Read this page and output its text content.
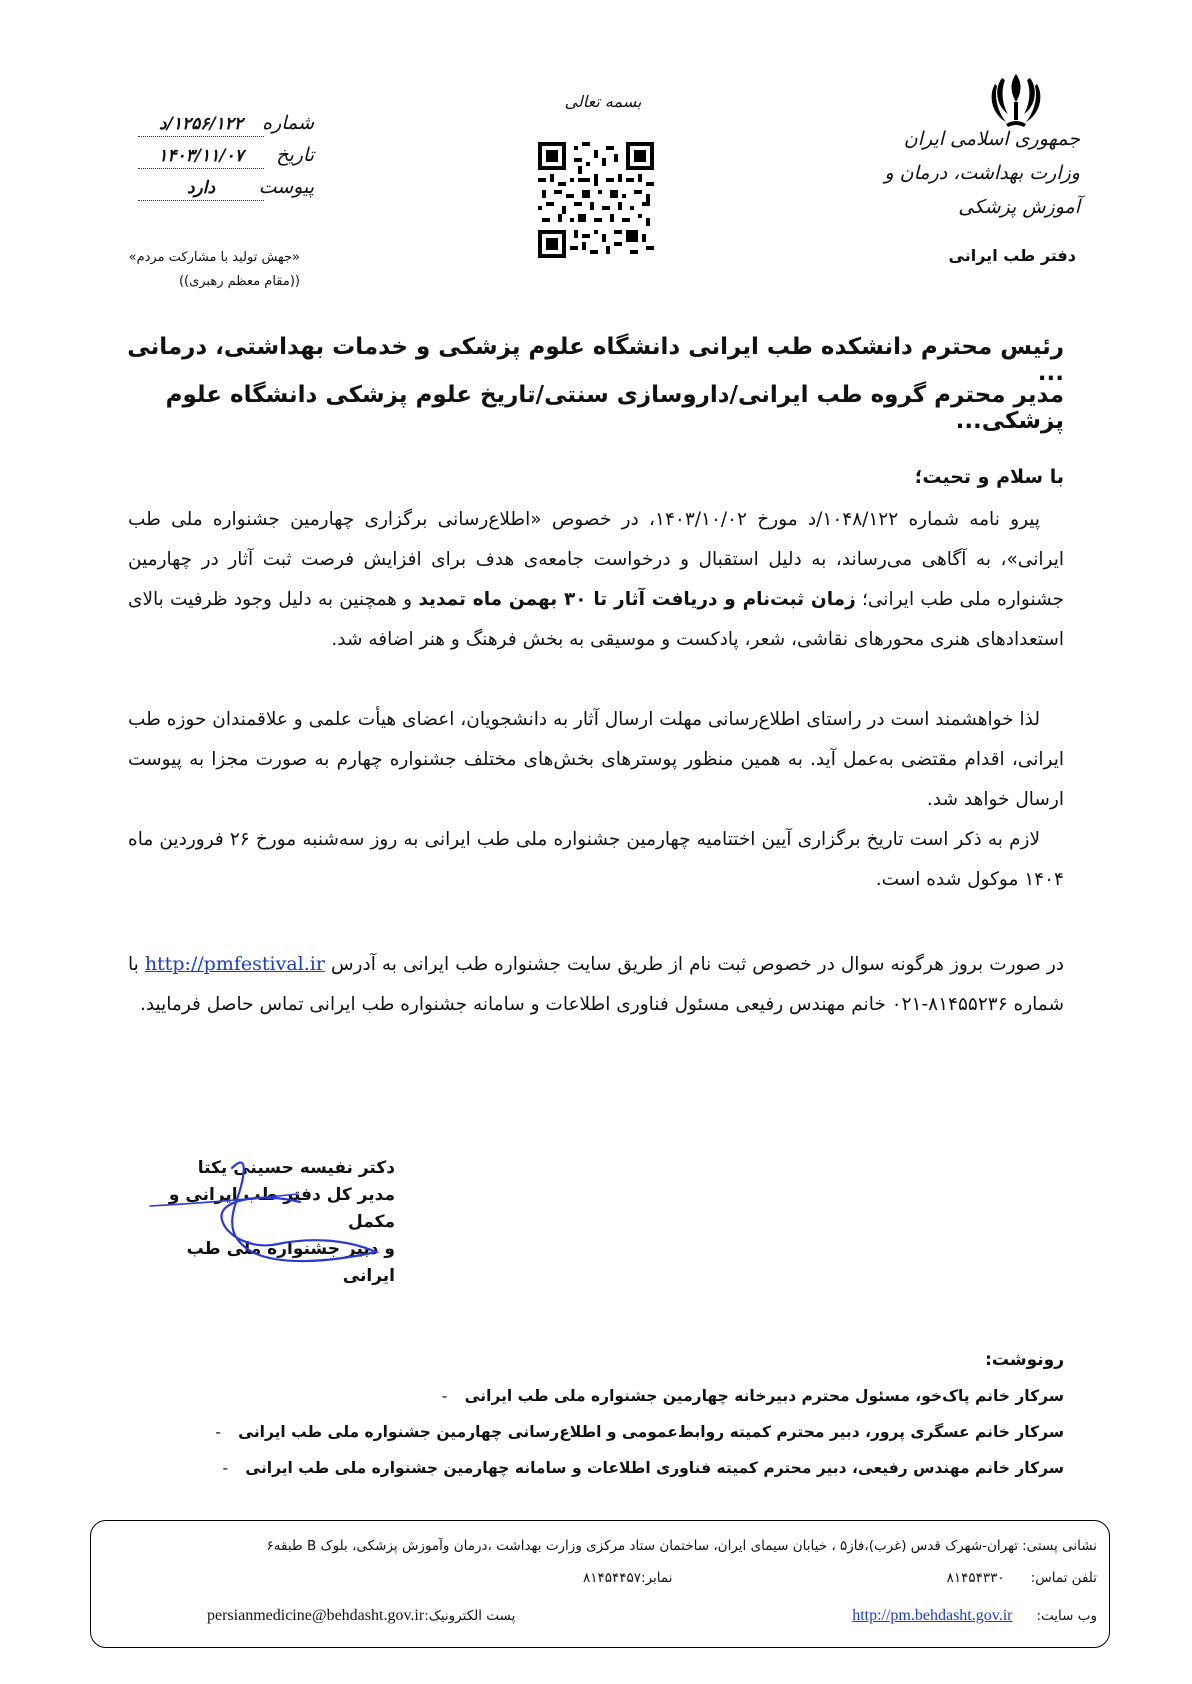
جمهوری اسلامی ایران
وزارت بهداشت، درمان و آموزش پزشکی
دفتر طب ایرانی
بسمه تعالی
شماره
۱۲۵۶/۱۲۲/د
تاریخ
۱۴۰۳/۱۱/۰۷
پیوست
دارد
«جهش تولید با مشارکت مردم»
((مقام معظم رهبری))
رئیس محترم دانشکده طب ایرانی دانشگاه علوم پزشکی و خدمات بهداشتی، درمانی ...
مدیر محترم گروه طب ایرانی/داروسازی سنتی/تاریخ علوم پزشکی دانشگاه علوم پزشکی...
با سلام و تحیت؛
پیرو نامه شماره ۱۰۴۸/۱۲۲/د مورخ ۱۴۰۳/۱۰/۰۲، در خصوص «اطلاع‌رسانی برگزاری چهارمین جشنواره ملی طب ایرانی»، به آگاهی می‌رساند، به دلیل استقبال و درخواست جامعه‌ی هدف برای افزایش فرصت ثبت آثار در چهارمین جشنواره ملی طب ایرانی؛ زمان ثبت‌نام و دریافت آثار تا ۳۰ بهمن ماه تمدید و همچنین به دلیل وجود ظرفیت بالای استعدادهای هنری محورهای نقاشی، شعر، پادکست و موسیقی به بخش فرهنگ و هنر اضافه شد.
لذا خواهشمند است در راستای اطلاع‌رسانی مهلت ارسال آثار به دانشجویان، اعضای هیأت علمی و علاقمندان حوزه طب ایرانی، اقدام مقتضی به‌عمل آید. به همین منظور پوسترهای بخش‌های مختلف جشنواره چهارم به صورت مجزا به پیوست ارسال خواهد شد.
لازم به ذکر است تاریخ برگزاری آیین اختتامیه چهارمین جشنواره ملی طب ایرانی به روز سه‌شنبه مورخ ۲۶ فروردین ماه ۱۴۰۴ موکول شده است.
در صورت بروز هرگونه سوال در خصوص ثبت نام از طریق سایت جشنواره طب ایرانی به آدرس http://pmfestival.ir با شماره ۸۱۴۵۵۲۳۶-۰۲۱ خانم مهندس رفیعی مسئول فناوری اطلاعات و سامانه جشنواره طب ایرانی تماس حاصل فرمایید.
دکتر نفیسه حسینی یکتا
مدیر کل دفتر طب ایرانی و مکمل
و دبیر جشنواره ملی طب ایرانی
رونوشت:
سرکار خانم پاک‌خو، مسئول محترم دبیرخانه چهارمین جشنواره ملی طب ایرانی
-
سرکار خانم عسگری پرور، دبیر محترم کمیته روابط‌عمومی و اطلاع‌رسانی چهارمین جشنواره ملی طب ایرانی
-
سرکار خانم مهندس رفیعی، دبیر محترم کمیته فناوری اطلاعات و سامانه چهارمین جشنواره ملی طب ایرانی
-
نشانی پستی:
تهران-شهرک قدس (غرب)،فاز۵ ، خیابان سیمای ایران، ساختمان ستاد مرکزی وزارت بهداشت ،درمان وآموزش پزشکی، بلوک B طبقه۶
تلفن تماس:
۸۱۴۵۴۳۳۰
نمابر:۸۱۴۵۴۴۵۷
وب سایت:
http://pm.behdasht.gov.ir
پست الکترونیک:persianmedicine@behdasht.gov.ir
